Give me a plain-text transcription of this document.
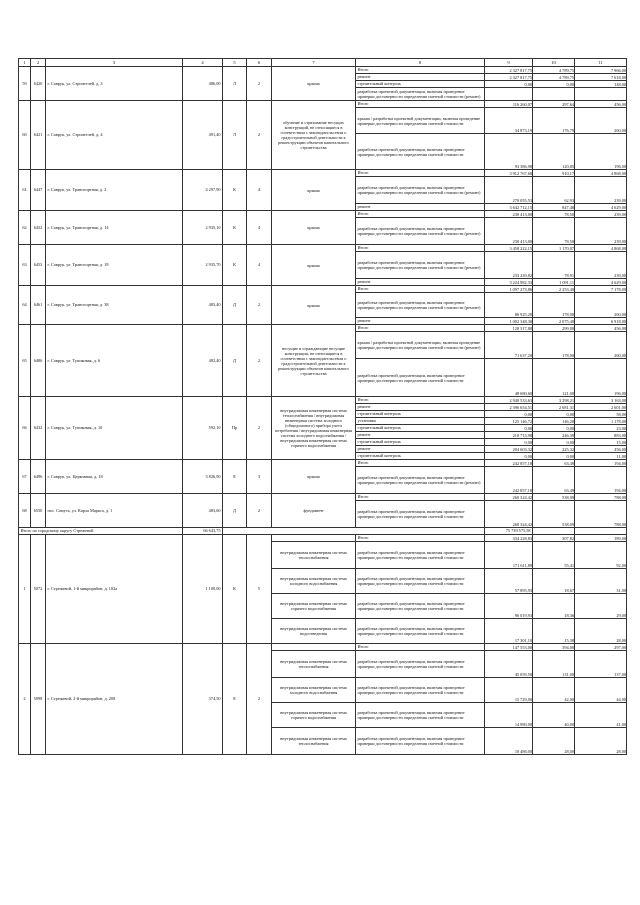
1	2	3	4	5	6	7	8	9	10	11
59	6420	г. Саврук, ул. Строителей, д. 3	486,00	Л	2	крыша	Итого	2 327 817,75	4 789,75	7 966,00
							ремонт	2 327 817,75	4 789,75	7 618,00
							строительный контроль	0,00	0,00	148,00
							разработка проектной документации, включая проведение проверки достоверности определения сметной стоимости (ремонт)			
60	6421	г. Саврук, ул. Строителей, д. 4	491,40	Л	2	обучение и страхование несущих конструкций, не относящиеся в соответствии с законодательством о градостроительной деятельности к реконструкции объектов капитального строительства	Итого	116 260,07	297,64	456,00
							крыша / разработка проектной документации, включая проведение проверки достоверности определения сметной стоимости	34 873,19	176,79	260,00
							разработка проектной документации, включая проведение проверки достоверности определения сметной стоимости	93 386,98	120,85	196,00
61	6447	г. Саврук, ул. Транспортная, д. 2	4 297,90	К	4	крыша	Итого	3 912 767,68	910,17	4 868,00
							разработка проектной документации, включая проведение проверки достоверности определения сметной стоимости (ремонт)	270 055,53	62,93	239,00
							ремонт	3 642 712,15	847,48	4 629,00
62	6452	г. Саврук, ул. Транспортная, д. 14	2 935,10	К	4	крыша	Итого	230 413,00	78,50	239,00
							разработка проектной документации, включая проведение проверки достоверности определения сметной стоимости (ремонт)	230 413,00	78,50	239,00
63	6453	г. Саврук, ул. Транспортная, д. 18	2 935,70	К	4	крыша	Итого	3 458 222,15	1 170,07	4 868,00
							разработка проектной документации, включая проведение проверки достоверности определения сметной стоимости (ремонт)	233 239,82	78,91	239,00
							ремонт	3 224 982,33	1 091,11	4 629,00
64	6461	г. Саврук, ул. Транспортная, д. 38	483,40	Д	2	крыша	Итого	1 097 273,86	2 253,40	7 178,00
							разработка проектной документации, включая проведение проверки достоверности определения сметной стоимости (ремонт)	86 925,20	178,00	260,00
							ремонт	1 002 348,30	2 075,40	6 918,00
65	6486	г. Саврук, ул. Тупиковая, д. 6	482,40	Д	2	несущие и ограждающие несущие конструкции, не относящиеся в соответствии с законодательством о градостроительной деятельности к реконструкции объектов капитального строительства	Итого	120 317,80	299,00	456,00
							крыша / разработка проектной документации, включая проведение проверки достоверности определения сметной стоимости (ремонт)	71 637,20	178,00	260,00
							разработка проектной документации, включая проведение проверки достоверности определения сметной стоимости	48 680,60	121,00	196,00
66	6432	г. Саврук, ул. Тупиковая, д. 10	592,10	Пр	2	внутридомовая инженерная система теплоснабжения / внутридомовая инженерная система холодного (общедомового) прибора учета потребления / внутридомовая инженерная система холодного водоснабжения / внутридомовая инженерная система горячего водоснабжения	Итого	2 940 533,63	3 298,21	3 163,00
							ремонт	2 396 654,51	2 681,31	2 601,00
							строительный контроль	0,00	0,00	58,00
							установка	125 146,72	146,28	1 178,00
							строительный контроль	0,00	0,00	23,00
							ремонт	210 715,98	246,39	883,00
							строительный контроль	0,00	0,00	15,00
							ремонт	204 603,32	225,32	456,00
							строительный контроль	0,00	0,00	11,00
67	6496	г. Саврук, ул. Церковная, д. 18	3 826,90	Е	3	крыша	Итого	242 857,18	63,49	194,00
							разработка проектной документации, включая проведение проверки достоверности определения сметной стоимости (ремонт)	242 857,18	63,49	194,00
68	6550	пос. Самусь, ул. Карла Маркса, д. 1	483,60	Д	2	фундамент	Итого	260 324,42	538,09	788,00
							разработка проектной документации, включая проведение проверки достоверности определения сметной стоимости	260 324,42	538,09	788,00
Итого по городскому округу Стрежевой			66 643,75					75 739 575,58		
1	5072	г. Стрежевой, 1-й микрорайон, д. 102а	1 100,00	К	5		Итого	334 228,83	307,82	189,00
						внутридомовая инженерная система теплоснабжения	разработка проектной документации, включая проведение проверки достоверности определения сметной стоимости	171 611,89	55,41	92,00
						внутридомовая инженерная система холодного водоснабжения	разработка проектной документации, включая проведение проверки достоверности определения сметной стоимости	57 895,93	18,67	31,00
						внутридомовая инженерная система горячего водоснабжения	разработка проектной документации, включая проведение проверки достоверности определения сметной стоимости	96 019,93	18,36	29,00
						внутридомовая инженерная система водоотведения	разработка проектной документации, включая проведение проверки достоверности определения сметной стоимости	17 301,10	15,38	28,00
2	5098	г. Стрежевой, 2-й микрорайон, д. 208	374,50	Е	2		Итого	147 553,00	394,00	297,00
						внутридомовая инженерная система теплоснабжения	разработка проектной документации, включая проведение проверки достоверности определения сметной стоимости	45 059,50	131,00	137,00
						внутридомовая инженерная система холодного водоснабжения	разработка проектной документации, включая проведение проверки достоверности определения сметной стоимости	15 729,00	42,00	44,00
						внутридомовая инженерная система горячего водоснабжения	разработка проектной документации, включая проведение проверки достоверности определения сметной стоимости	14 980,00	40,00	41,00
						внутридомовая инженерная система теплоснабжения	разработка проектной документации, включая проведение проверки достоверности определения сметной стоимости	10 486,00	28,00	28,00
